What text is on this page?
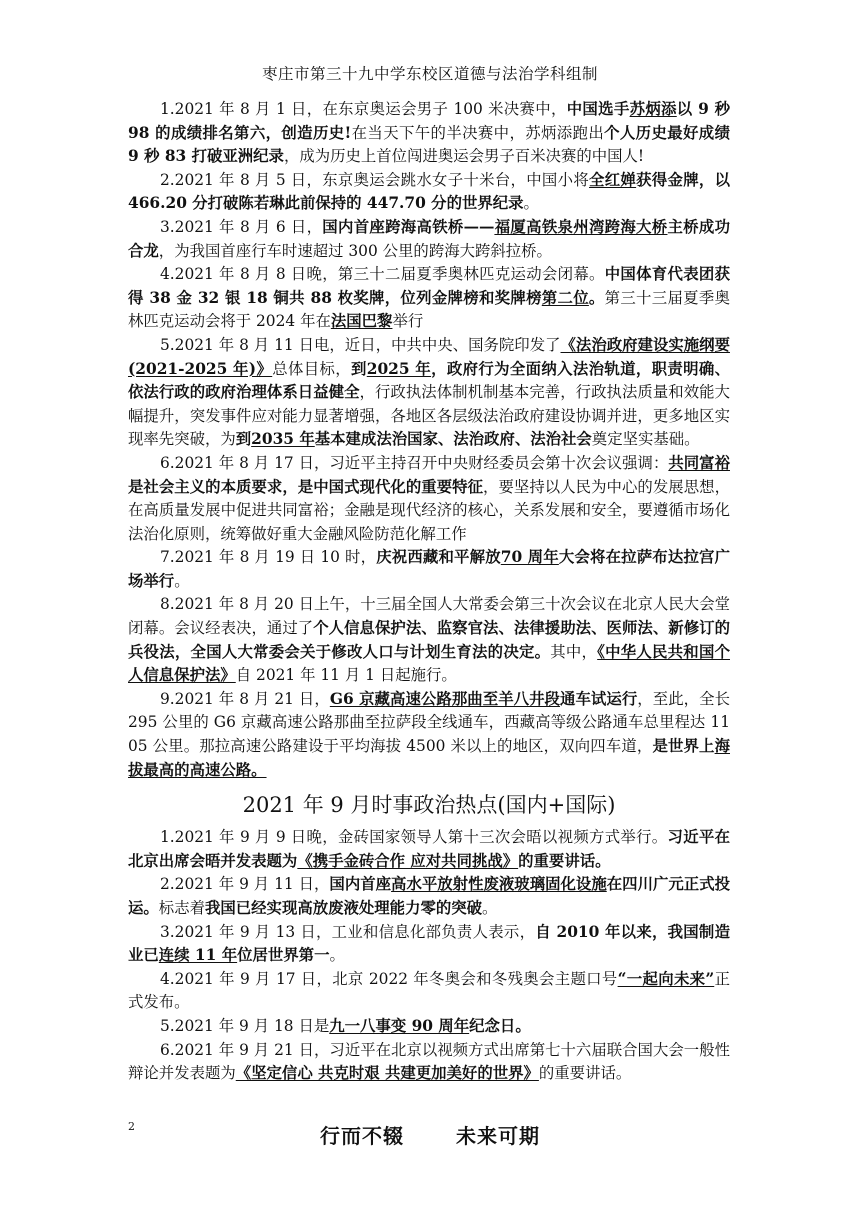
枣庄市第三十九中学东校区道德与法治学科组制

1.2021 年 8 月 1 日，在东京奥运会男子 100 米决赛中，中国选手苏炳添以 9 秒 98 的成绩排名第六，创造历史!在当天下午的半决赛中，苏炳添跑出个人历史最好成绩 9 秒 83 打破亚洲纪录，成为历史上首位闯进奥运会男子百米决赛的中国人!

2.2021 年 8 月 5 日，东京奥运会跳水女子十米台，中国小将全红婵获得金牌，以 466.20 分打破陈若琳此前保持的 447.70 分的世界纪录。

3.2021 年 8 月 6 日，国内首座跨海高铁桥——福厦高铁泉州湾跨海大桥主桥成功合龙，为我国首座行车时速超过 300 公里的跨海大跨斜拉桥。

4.2021 年 8 月 8 日晚，第三十二届夏季奥林匹克运动会闭幕。中国体育代表团获得 38 金 32 银 18 铜共 88 枚奖牌，位列金牌榜和奖牌榜第二位。第三十三届夏季奥林匹克运动会将于 2024 年在法国巴黎举行

5.2021 年 8 月 11 日电，近日，中共中央、国务院印发了《法治政府建设实施纲要(2021-2025 年)》总体目标，到2025 年，政府行为全面纳入法治轨道，职责明确、依法行政的政府治理体系日益健全，行政执法体制机制基本完善，行政执法质量和效能大幅提升，突发事件应对能力显著增强，各地区各层级法治政府建设协调并进，更多地区实现率先突破，为到2035 年基本建成法治国家、法治政府、法治社会奠定坚实基础。

6.2021 年 8 月 17 日，习近平主持召开中央财经委员会第十次会议强调：共同富裕是社会主义的本质要求，是中国式现代化的重要特征，要坚持以人民为中心的发展思想，在高质量发展中促进共同富裕；金融是现代经济的核心，关系发展和安全，要遵循市场化法治化原则，统筹做好重大金融风险防范化解工作

7.2021 年 8 月 19 日 10 时，庆祝西藏和平解放70 周年大会将在拉萨布达拉宫广场举行。

8.2021 年 8 月 20 日上午，十三届全国人大常委会第三十次会议在北京人民大会堂闭幕。会议经表决，通过了个人信息保护法、监察官法、法律援助法、医师法、新修订的兵役法，全国人大常委会关于修改人口与计划生育法的决定。其中，《中华人民共和国个人信息保护法》自 2021 年 11 月 1 日起施行。

9.2021 年 8 月 21 日，G6 京藏高速公路那曲至羊八井段通车试运行，至此，全长 295 公里的 G6 京藏高速公路那曲至拉萨段全线通车，西藏高等级公路通车总里程达 1105 公里。那拉高速公路建设于平均海拔 4500 米以上的地区，双向四车道，是世界上海拔最高的高速公路。

2021 年 9 月时事政治热点(国内+国际)

1.2021 年 9 月 9 日晚，金砖国家领导人第十三次会晤以视频方式举行。习近平在北京出席会晤并发表题为《携手金砖合作 应对共同挑战》的重要讲话。

2.2021 年 9 月 11 日，国内首座高水平放射性废液玻璃固化设施在四川广元正式投运。标志着我国已经实现高放废液处理能力零的突破。

3.2021 年 9 月 13 日，工业和信息化部负责人表示，自 2010 年以来，我国制造业已连续 11 年位居世界第一。

4.2021 年 9 月 17 日，北京 2022 年冬奥会和冬残奥会主题口号“一起向未来”正式发布。

5.2021 年 9 月 18 日是九一八事变 90 周年纪念日。

6.2021 年 9 月 21 日，习近平在北京以视频方式出席第七十六届联合国大会一般性辩论并发表题为《坚定信心 共克时艰 共建更加美好的世界》的重要讲话。

2	行而不辍	未来可期
